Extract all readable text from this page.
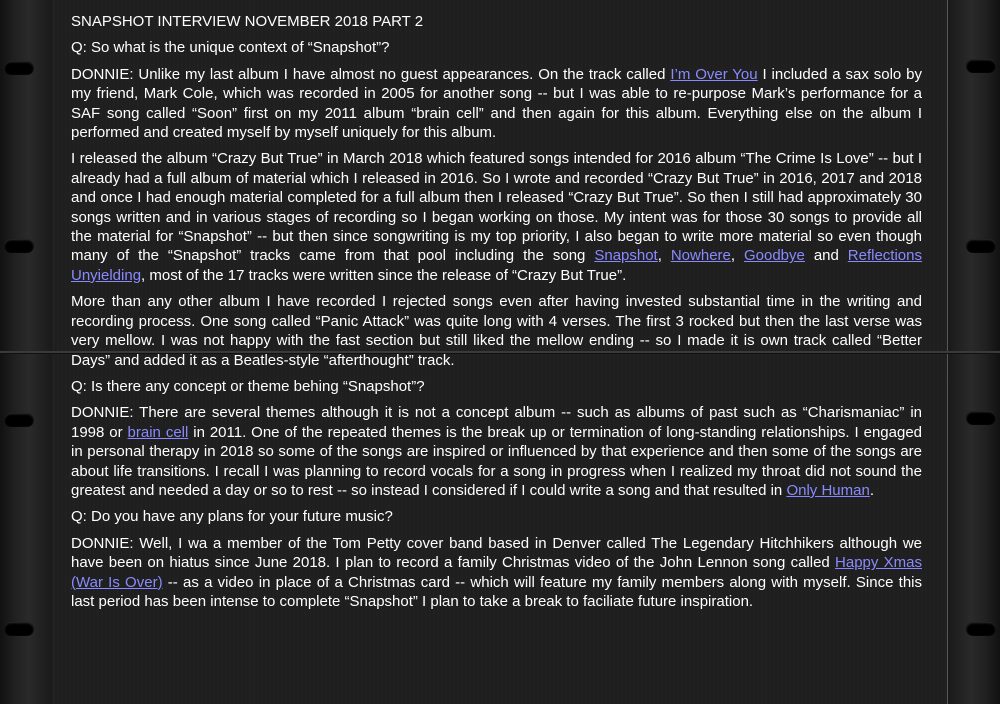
SNAPSHOT INTERVIEW NOVEMBER 2018 PART 2

Q: So what is the unique context of “Snapshot”?

DONNIE: Unlike my last album I have almost no guest appearances. On the track called I’m Over You I included a sax solo by my friend, Mark Cole, which was recorded in 2005 for another song -- but I was able to re-purpose Mark’s performance for a SAF song called “Soon” first on my 2011 album “brain cell” and then again for this album. Everything else on the album I performed and created myself by myself uniquely for this album.

I released the album “Crazy But True” in March 2018 which featured songs intended for 2016 album “The Crime Is Love” -- but I already had a full album of material which I released in 2016. So I wrote and recorded “Crazy But True” in 2016, 2017 and 2018 and once I had enough material completed for a full album then I released “Crazy But True”. So then I still had approximately 30 songs written and in various stages of recording so I began working on those. My intent was for those 30 songs to provide all the material for “Snapshot” -- but then since songwriting is my top priority, I also began to write more material so even though many of the “Snapshot” tracks came from that pool including the song Snapshot, Nowhere, Goodbye and Reflections Unyielding, most of the 17 tracks were written since the release of “Crazy But True”.

More than any other album I have recorded I rejected songs even after having invested substantial time in the writing and recording process. One song called “Panic Attack” was quite long with 4 verses. The first 3 rocked but then the last verse was very mellow. I was not happy with the fast section but still liked the mellow ending -- so I made it is own track called “Better Days” and added it as a Beatles-style “afterthought” track.

Q: Is there any concept or theme behing “Snapshot”?

DONNIE: There are several themes although it is not a concept album -- such as albums of past such as “Charismaniac” in 1998 or brain cell in 2011. One of the repeated themes is the break up or termination of long-standing relationships. I engaged in personal therapy in 2018 so some of the songs are inspired or influenced by that experience and then some of the songs are about life transitions. I recall I was planning to record vocals for a song in progress when I realized my throat did not sound the greatest and needed a day or so to rest -- so instead I considered if I could write a song and that resulted in Only Human.

Q: Do you have any plans for your future music?

DONNIE: Well, I wa a member of the Tom Petty cover band based in Denver called The Legendary Hitchhikers although we have been on hiatus since June 2018. I plan to record a family Christmas video of the John Lennon song called Happy Xmas (War Is Over) -- as a video in place of a Christmas card -- which will feature my family members along with myself. Since this last period has been intense to complete “Snapshot” I plan to take a break to faciliate future inspiration.
